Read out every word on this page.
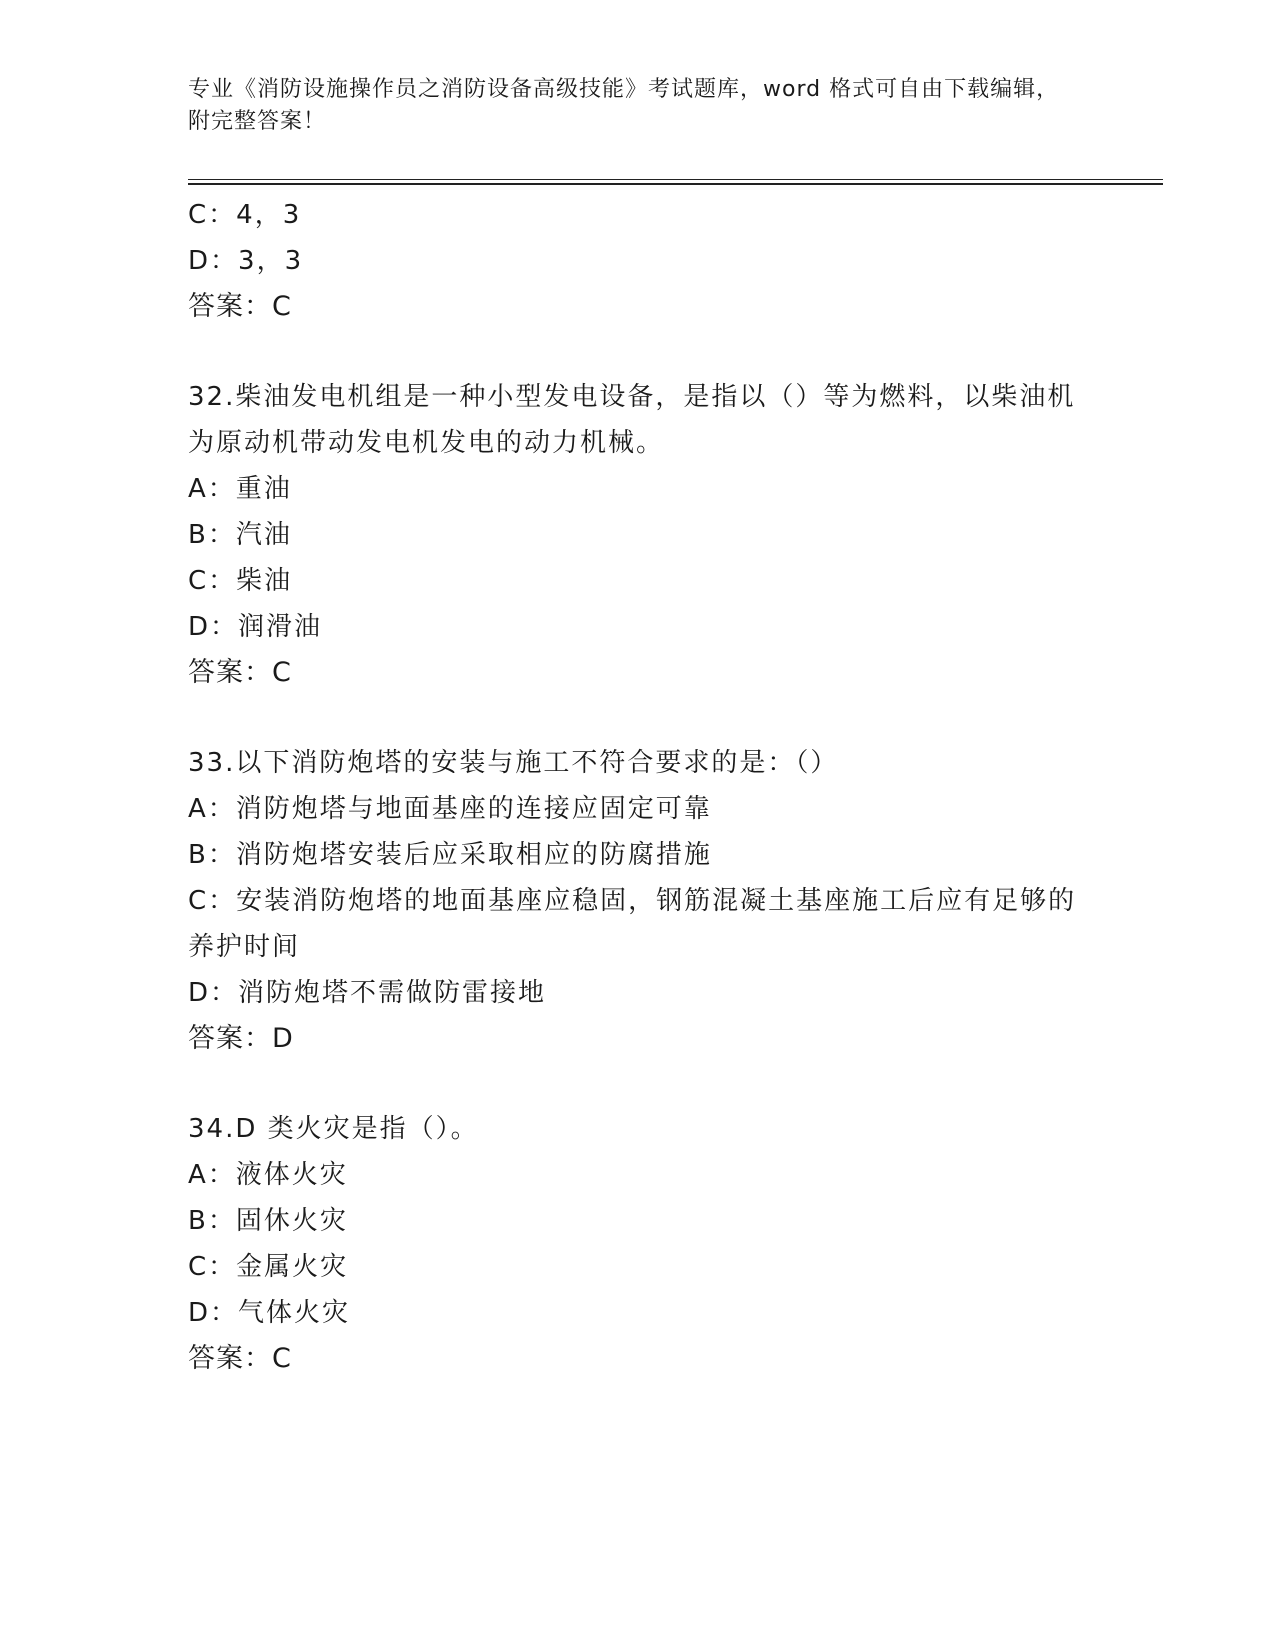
专业《消防设施操作员之消防设备高级技能》考试题库，word 格式可自由下载编辑，附完整答案！
C：4，3
D：3，3
答案：C
32.柴油发电机组是一种小型发电设备，是指以（）等为燃料，以柴油机为原动机带动发电机发电的动力机械。
A：重油
B：汽油
C：柴油
D：润滑油
答案：C
33.以下消防炮塔的安装与施工不符合要求的是：（）
A：消防炮塔与地面基座的连接应固定可靠
B：消防炮塔安装后应采取相应的防腐措施
C：安装消防炮塔的地面基座应稳固，钢筋混凝土基座施工后应有足够的养护时间
D：消防炮塔不需做防雷接地
答案：D
34.D 类火灾是指（）。
A：液体火灾
B：固休火灾
C：金属火灾
D：气体火灾
答案：C
